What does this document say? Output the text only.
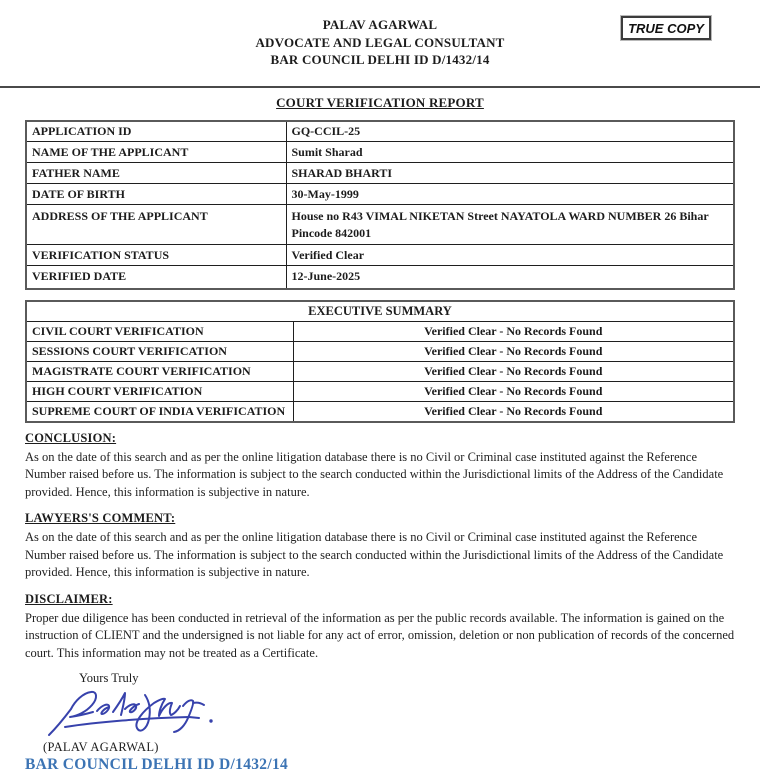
PALAV AGARWAL
ADVOCATE AND LEGAL CONSULTANT
BAR COUNCIL DELHI ID D/1432/14
TRUE COPY
COURT VERIFICATION REPORT
APPLICATION ID	GQ-CCIL-25
NAME OF THE APPLICANT	Sumit Sharad
FATHER NAME	SHARAD BHARTI
DATE OF BIRTH	30-May-1999
ADDRESS OF THE APPLICANT	House no R43 VIMAL NIKETAN Street NAYATOLA WARD NUMBER 26 Bihar Pincode 842001
VERIFICATION STATUS	Verified Clear
VERIFIED DATE	12-June-2025
EXECUTIVE SUMMARY	
CIVIL COURT VERIFICATION	Verified Clear - No Records Found
SESSIONS COURT VERIFICATION	Verified Clear - No Records Found
MAGISTRATE COURT VERIFICATION	Verified Clear - No Records Found
HIGH COURT VERIFICATION	Verified Clear - No Records Found
SUPREME COURT OF INDIA VERIFICATION	Verified Clear - No Records Found
CONCLUSION:
As on the date of this search and as per the online litigation database there is no Civil or Criminal case instituted against the Reference Number raised before us. The information is subject to the search conducted within the Jurisdictional limits of the Address of the Candidate provided. Hence, this information is subjective in nature.
LAWYERS'S COMMENT:
As on the date of this search and as per the online litigation database there is no Civil or Criminal case instituted against the Reference Number raised before us. The information is subject to the search conducted within the Jurisdictional limits of the Address of the Candidate provided. Hence, this information is subjective in nature.
DISCLAIMER:
Proper due diligence has been conducted in retrieval of the information as per the public records available. The information is gained on the instruction of CLIENT and the undersigned is not liable for any act of error, omission, deletion or non publication of records of the concerned court. This information may not be treated as a Certificate.
Yours Truly
(PALAV AGARWAL)
BAR COUNCIL DELHI ID D/1432/14
